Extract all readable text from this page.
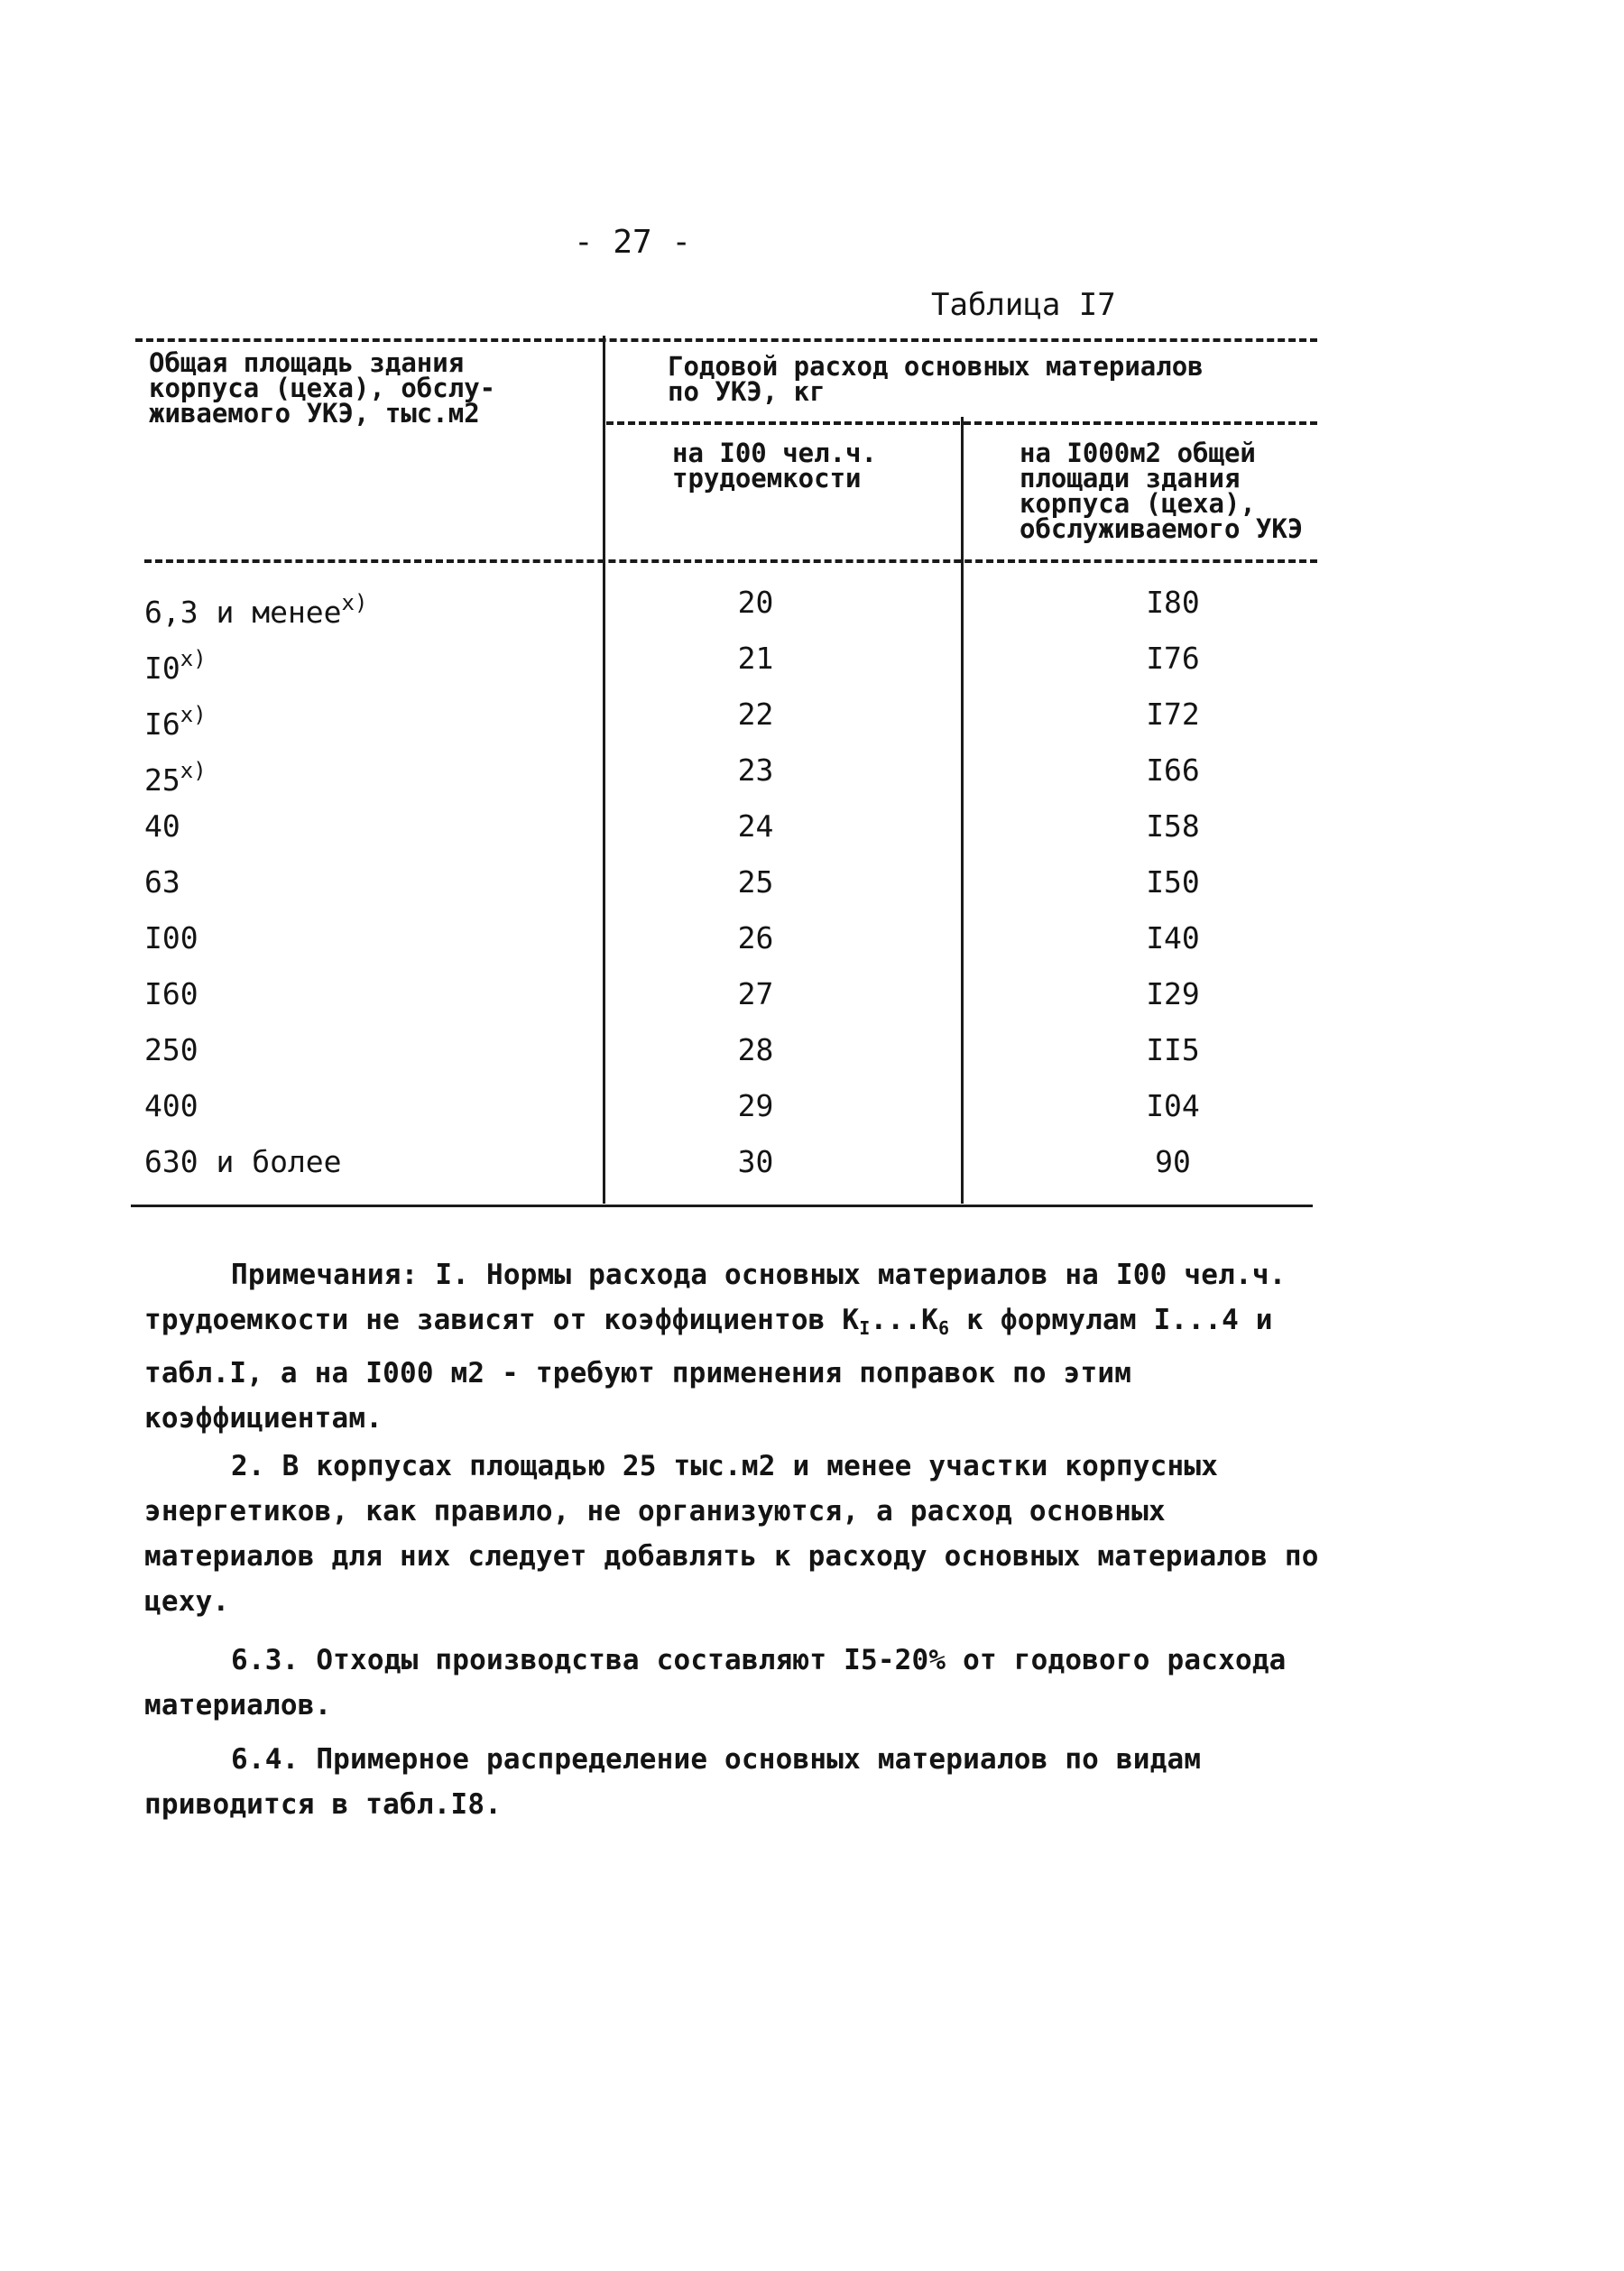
- 27 -
Таблица I7
Общая площадь здания
корпуса (цеха), обслу-
живаемого УКЭ, тыс.м2
Годовой расход основных материалов
по УКЭ, кг
на I00 чел.ч.
трудоемкости
на I000м2 общей
площади здания
корпуса (цеха),
обслуживаемого УКЭ
6,3 и менее$^{x)}$	20	I80
I0$^{x)}$	21	I76
I6$^{x)}$	22	I72
25$^{x)}$	23	I66
40	24	I58
63	25	I50
I00	26	I40
I60	27	I29
250	28	II5
400	29	I04
630 и более	30	90
Примечания: I. Нормы расхода основных материалов на I00 чел.ч. трудоемкости не зависят от коэффициентов $К_I...К_6$ к формулам I...4 и табл.I, а на I000 м2 - требуют применения поправок по этим коэффициентам.
2. В корпусах площадью 25 тыс.м2 и менее участки корпусных энергетиков, как правило, не организуются, а расход основных материалов для них следует добавлять к расходу основных материалов по цеху.
6.3. Отходы производства составляют I5-20% от годового расхода материалов.
6.4. Примерное распределение основных материалов по видам приводится в табл.I8.
